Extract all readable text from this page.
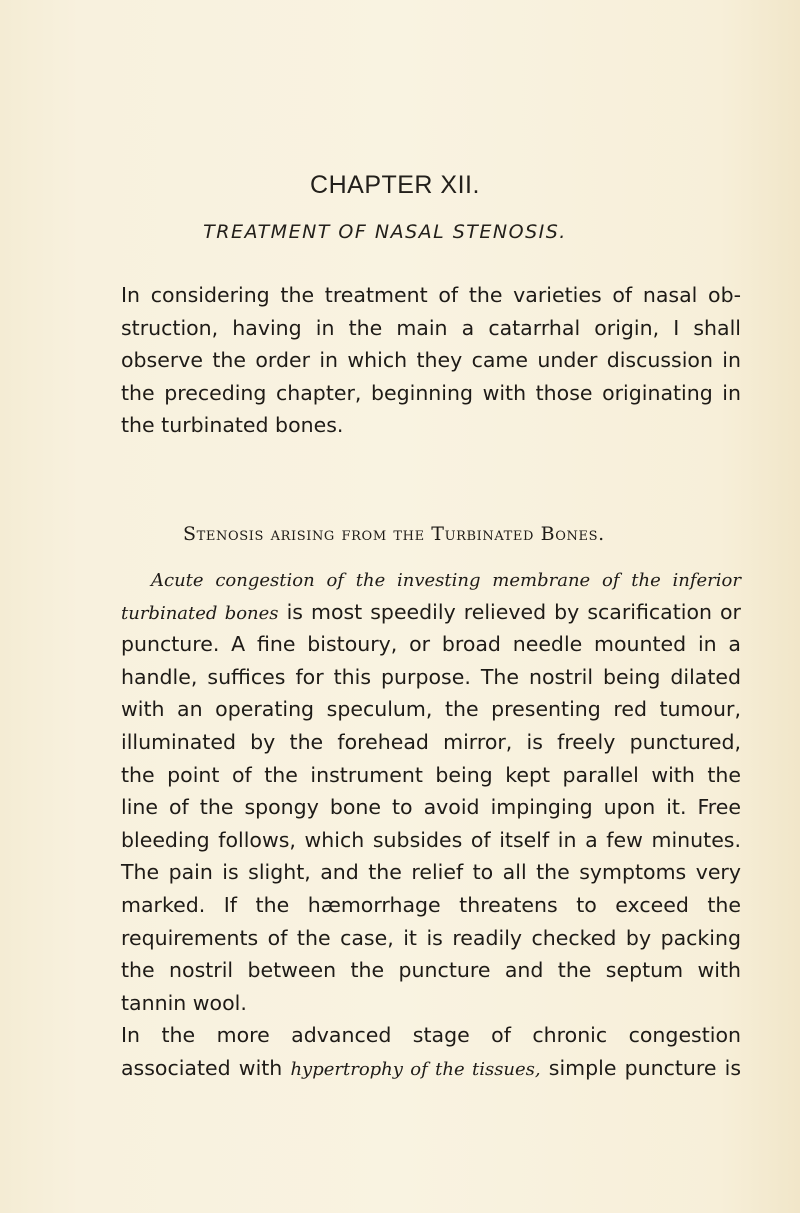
CHAPTER XII.
TREATMENT OF NASAL STENOSIS.
In considering the treatment of the varieties of nasal ob-
struction, having in the main a catarrhal origin, I shall
observe the order in which they came under discussion in
the preceding chapter, beginning with those originating in
the turbinated bones.
Stenosis arising from the Turbinated Bones.
Acute congestion of the investing membrane of the inferior
turbinated bones is most speedily relieved by scarification or
puncture. A fine bistoury, or broad needle mounted in a
handle, suffices for this purpose. The nostril being dilated
with an operating speculum, the presenting red tumour,
illuminated by the forehead mirror, is freely punctured,
the point of the instrument being kept parallel with the
line of the spongy bone to avoid impinging upon it. Free
bleeding follows, which subsides of itself in a few minutes.
The pain is slight, and the relief to all the symptoms very
marked. If the hæmorrhage threatens to exceed the
requirements of the case, it is readily checked by packing
the nostril between the puncture and the septum with
tannin wool.
In the more advanced stage of chronic congestion
associated with hypertrophy of the tissues, simple puncture is
